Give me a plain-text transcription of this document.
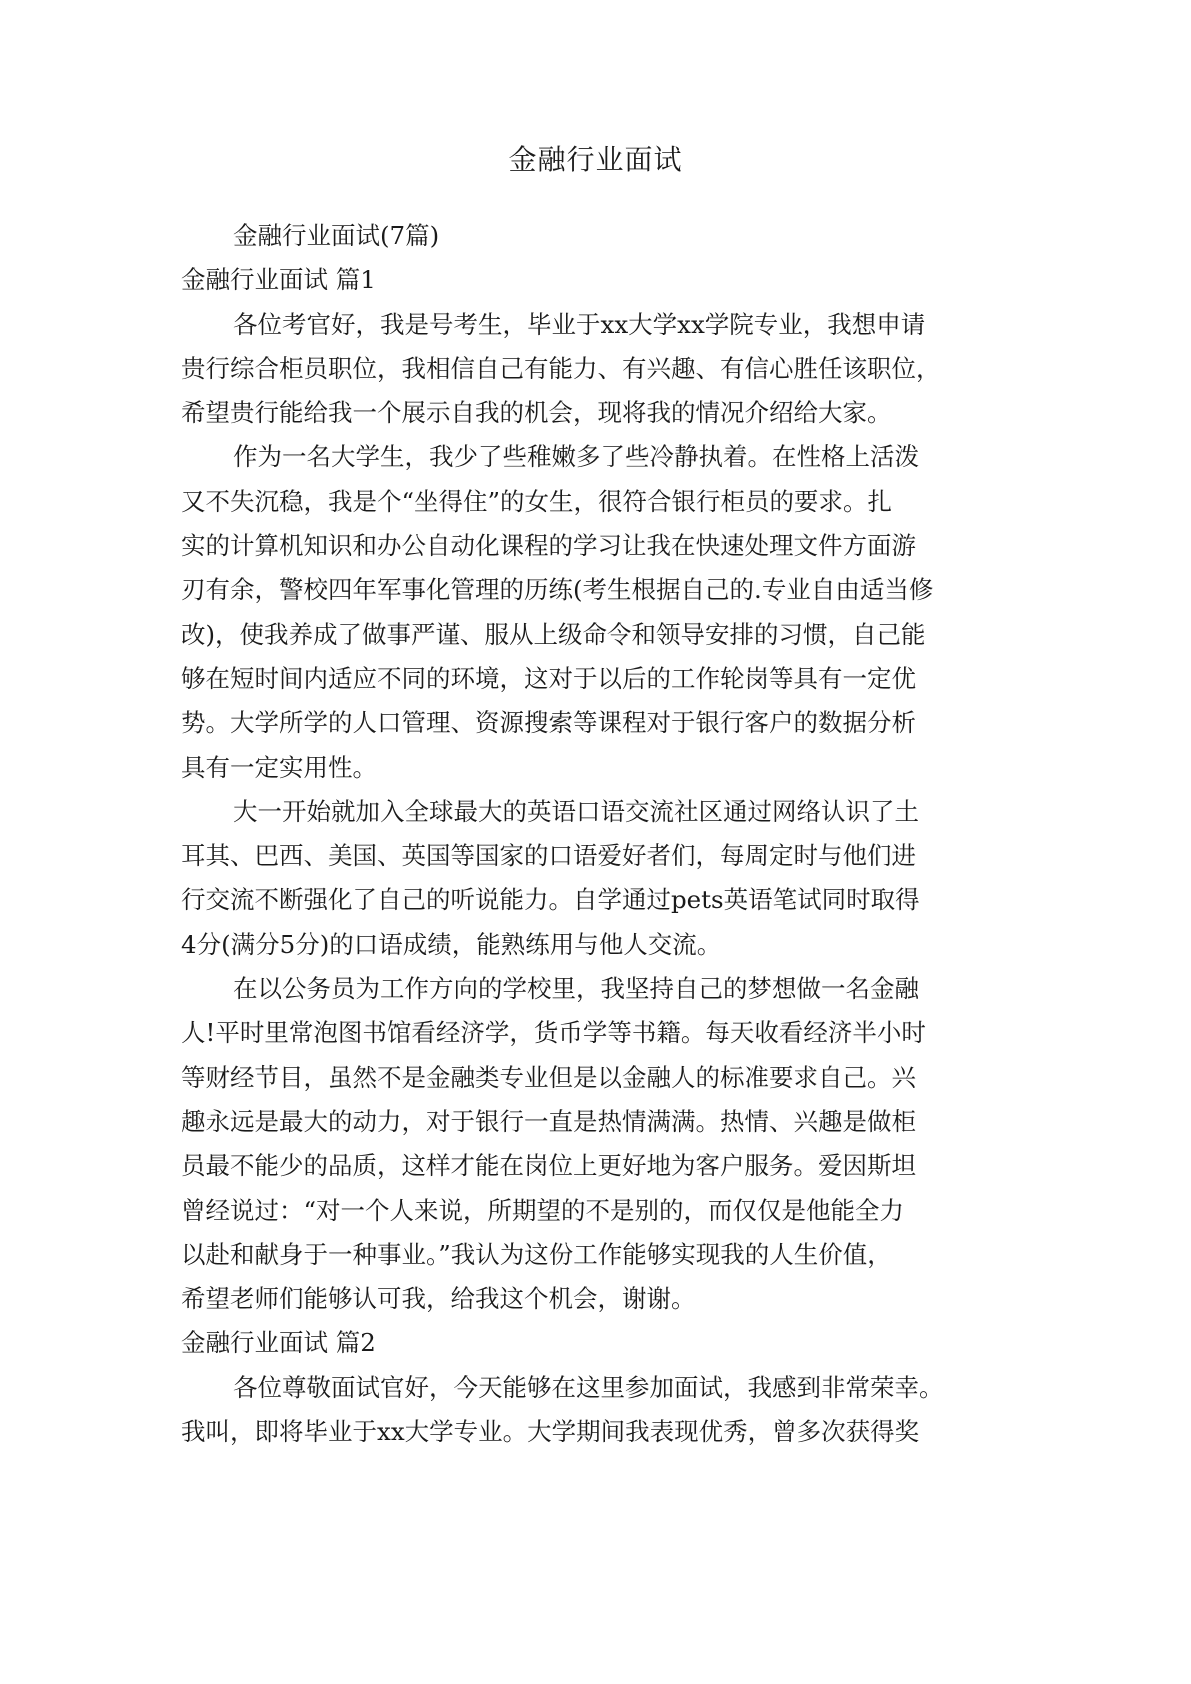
金融行业面试
金融行业面试(7篇)
金融行业面试 篇1
各位考官好，我是号考生，毕业于xx大学xx学院专业，我想申请
贵行综合柜员职位，我相信自己有能力、有兴趣、有信心胜任该职位，
希望贵行能给我一个展示自我的机会，现将我的情况介绍给大家。
作为一名大学生，我少了些稚嫩多了些冷静执着。在性格上活泼
又不失沉稳，我是个“坐得住”的女生，很符合银行柜员的要求。扎
实的计算机知识和办公自动化课程的学习让我在快速处理文件方面游
刃有余，警校四年军事化管理的历练(考生根据自己的.专业自由适当修
改)，使我养成了做事严谨、服从上级命令和领导安排的习惯，自己能
够在短时间内适应不同的环境，这对于以后的工作轮岗等具有一定优
势。大学所学的人口管理、资源搜索等课程对于银行客户的数据分析
具有一定实用性。
大一开始就加入全球最大的英语口语交流社区通过网络认识了土
耳其、巴西、美国、英国等国家的口语爱好者们，每周定时与他们进
行交流不断强化了自己的听说能力。自学通过pets英语笔试同时取得
4分(满分5分)的口语成绩，能熟练用与他人交流。
在以公务员为工作方向的学校里，我坚持自己的梦想做一名金融
人!平时里常泡图书馆看经济学，货币学等书籍。每天收看经济半小时
等财经节目，虽然不是金融类专业但是以金融人的标准要求自己。兴
趣永远是最大的动力，对于银行一直是热情满满。热情、兴趣是做柜
员最不能少的品质，这样才能在岗位上更好地为客户服务。爱因斯坦
曾经说过：“对一个人来说，所期望的不是别的，而仅仅是他能全力
以赴和献身于一种事业。”我认为这份工作能够实现我的人生价值，
希望老师们能够认可我，给我这个机会，谢谢。
金融行业面试 篇2
各位尊敬面试官好，今天能够在这里参加面试，我感到非常荣幸。
我叫，即将毕业于xx大学专业。大学期间我表现优秀，曾多次获得奖
